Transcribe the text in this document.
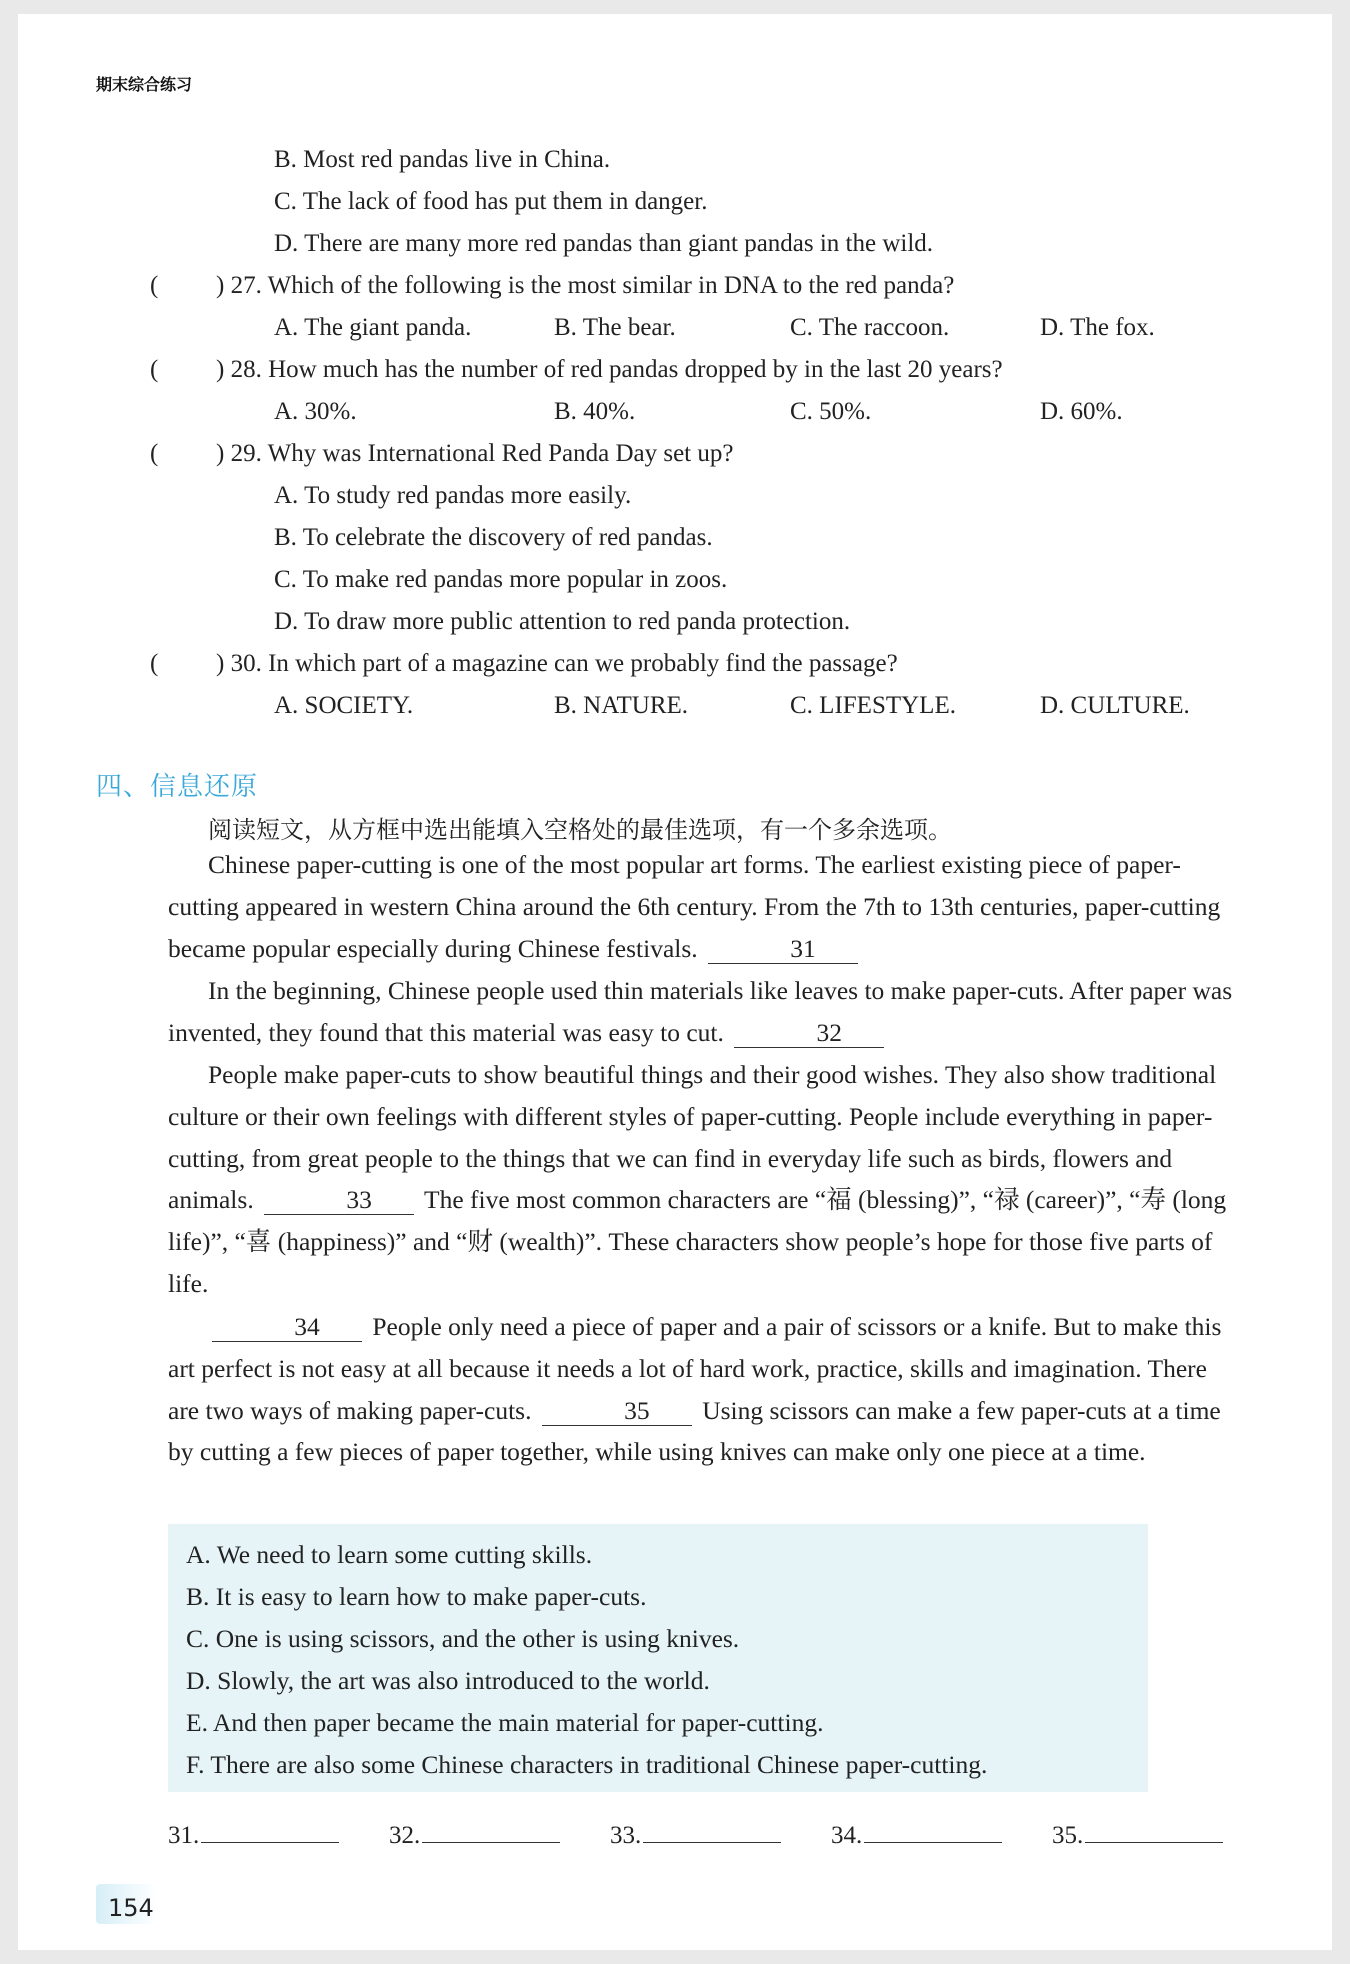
期末综合练习
B. Most red pandas live in China.
C. The lack of food has put them in danger.
D. There are many more red pandas than giant pandas in the wild.
( ) 27. Which of the following is the most similar in DNA to the red panda?
A. The giant panda.	B. The bear.	C. The raccoon.	D. The fox.
( ) 28. How much has the number of red pandas dropped by in the last 20 years?
A. 30%.	B. 40%.	C. 50%.	D. 60%.
( ) 29. Why was International Red Panda Day set up?
A. To study red pandas more easily.
B. To celebrate the discovery of red pandas.
C. To make red pandas more popular in zoos.
D. To draw more public attention to red panda protection.
( ) 30. In which part of a magazine can we probably find the passage?
A. SOCIETY.	B. NATURE.	C. LIFESTYLE.	D. CULTURE.
四、信息还原
阅读短文，从方框中选出能填入空格处的最佳选项，有一个多余选项。
Chinese paper-cutting is one of the most popular art forms. The earliest existing piece of paper-cutting appeared in western China around the 6th century. From the 7th to 13th centuries, paper-cutting became popular especially during Chinese festivals.	31
In the beginning, Chinese people used thin materials like leaves to make paper-cuts. After paper was invented, they found that this material was easy to cut.	32
People make paper-cuts to show beautiful things and their good wishes. They also show traditional culture or their own feelings with different styles of paper-cutting. People include everything in paper-cutting, from great people to the things that we can find in everyday life such as birds, flowers and animals.	33 The five most common characters are “福 (blessing)”, “禄 (career)”, “寿 (long life)”, “喜 (happiness)” and “财 (wealth)”. These characters show people’s hope for those five parts of life.
34 People only need a piece of paper and a pair of scissors or a knife. But to make this art perfect is not easy at all because it needs a lot of hard work, practice, skills and imagination. There are two ways of making paper-cuts.	35 Using scissors can make a few paper-cuts at a time by cutting a few pieces of paper together, while using knives can make only one piece at a time.
A. We need to learn some cutting skills.
B. It is easy to learn how to make paper-cuts.
C. One is using scissors, and the other is using knives.
D. Slowly, the art was also introduced to the world.
E. And then paper became the main material for paper-cutting.
F. There are also some Chinese characters in traditional Chinese paper-cutting.
31.	32.	33.	34.	35.
154
